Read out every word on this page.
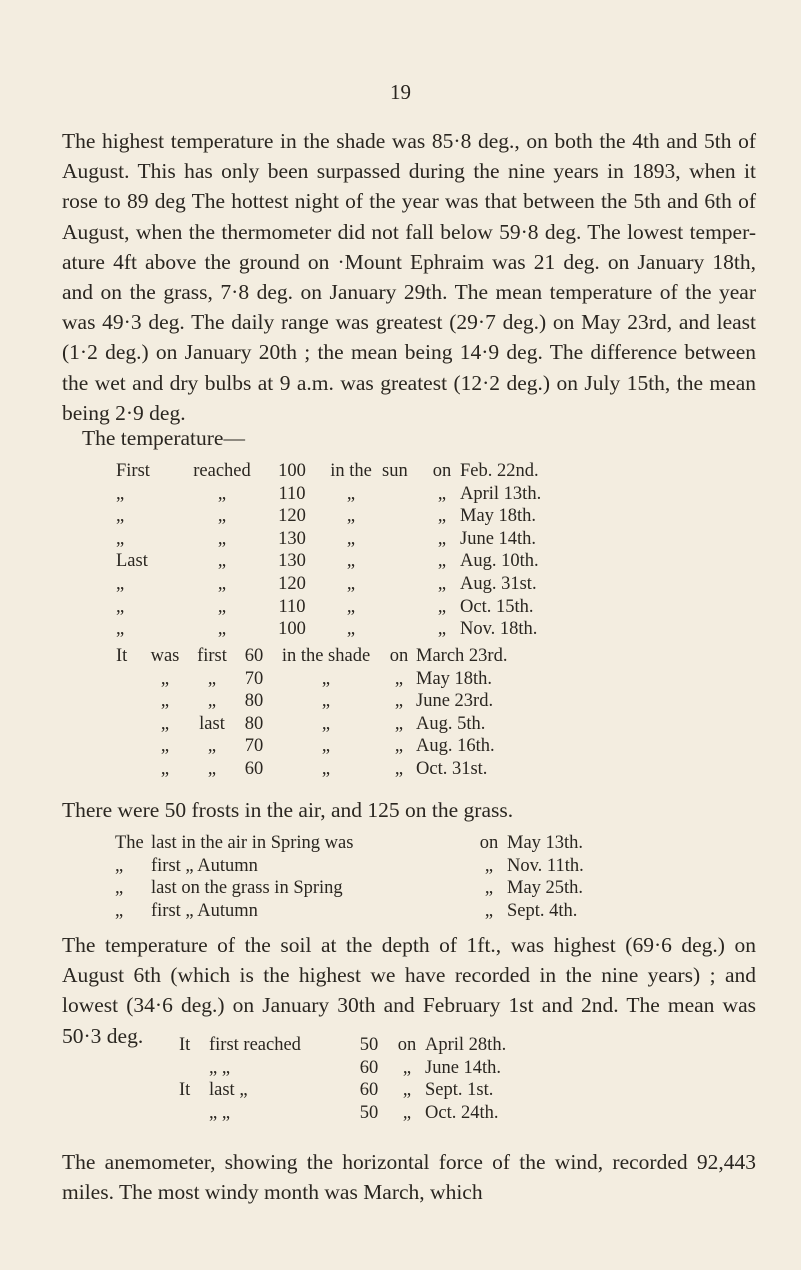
19
The highest temperature in the shade was 85·8 deg., on both the 4th and 5th of August. This has only been surpassed during the nine years in 1893, when it rose to 89 deg The hottest night of the year was that between the 5th and 6th of August, when the thermometer did not fall below 59·8 deg. The lowest temper- ature 4ft above the ground on ·Mount Ephraim was 21 deg. on January 18th, and on the grass, 7·8 deg. on January 29th. The mean temperature of the year was 49·3 deg. The daily range was greatest (29·7 deg.) on May 23rd, and least (1·2 deg.) on January 20th ; the mean being 14·9 deg. The difference between the wet and dry bulbs at 9 a.m. was greatest (12·2 deg.) on July 15th, the mean being 2·9 deg.
The temperature—
First	reached	100	in the	sun	on	Feb. 22nd.
„	„	110	„		„	April 13th.
„	„	120	„		„	May 18th.
„	„	130	„		„	June 14th.
Last	„	130	„		„	Aug. 10th.
„	„	120	„		„	Aug. 31st.
„	„	110	„		„	Oct. 15th.
„	„	100	„		„	Nov. 18th.
It	was	first	60	in the shade	on	March 23rd.
	„	„	70	„	„	May 18th.
	„	„	80	„	„	June 23rd.
	„	last	80	„	„	Aug. 5th.
	„	„	70	„	„	Aug. 16th.
	„	„	60	„	„	Oct. 31st.
There were 50 frosts in the air, and 125 on the grass.
The	last in the air in Spring was	on	May 13th.
„	first „ Autumn	„	Nov. 11th.
„	last on the grass in Spring	„	May 25th.
„	first „ Autumn	„	Sept. 4th.
The temperature of the soil at the depth of 1ft., was highest (69·6 deg.) on August 6th (which is the highest we have recorded in the nine years) ; and lowest (34·6 deg.) on January 30th and February 1st and 2nd. The mean was 50·3 deg.	It	first reached	50	on	April 28th.
	„ „	60	„	June 14th.
It	last „	60	„	Sept. 1st.
	„ „	50	„	Oct. 24th.
The anemometer, showing the horizontal force of the wind, recorded 92,443 miles. The most windy month was March, which
